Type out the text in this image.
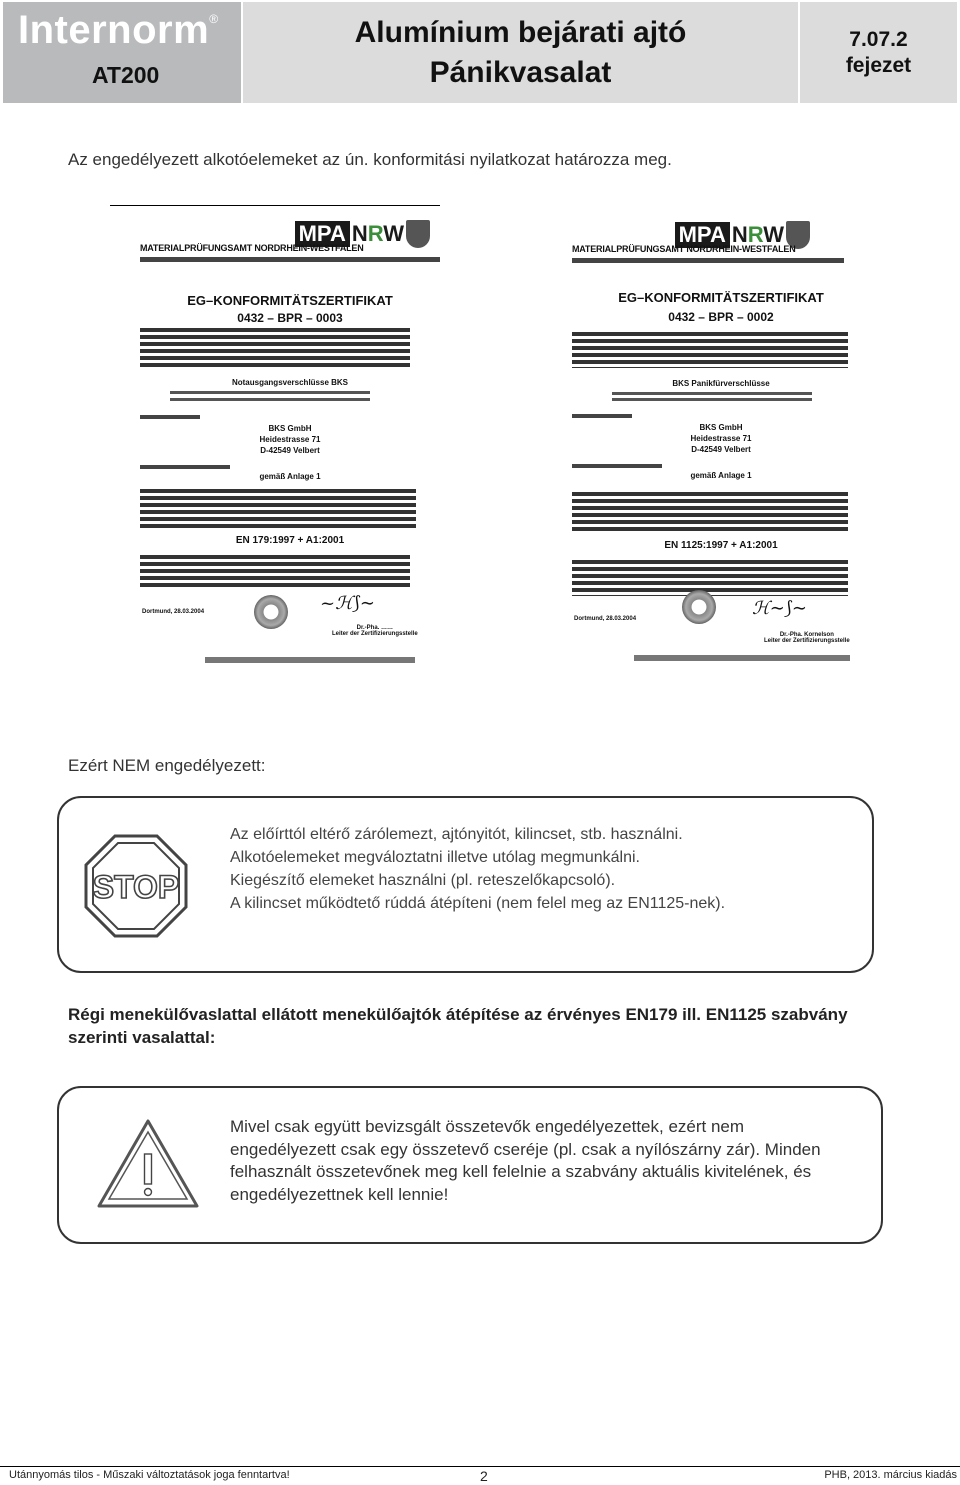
Internorm®
AT200
Alumínium bejárati ajtó
Pánikvasalat
7.07.2
fejezet
Az engedélyezett alkotóelemeket az ún. konformitási nyilatkozat határozza meg.
MPA NRW
MATERIALPRÜFUNGSAMT NORDRHEIN-WESTFALEN
EG–KONFORMITÄTSZERTIFIKAT
0432 – BPR – 0003
Notausgangsverschlüsse BKS
BKS GmbH
Heidestrasse 71
D-42549 Velbert
gemäß Anlage 1
EN 179:1997 + A1:2001
Dortmund, 28.03.2004	~ℋ⟆∼
Dr.-Pha. ……
Leiter der Zertifizierungsstelle
MPA NRW
MATERIALPRÜFUNGSAMT NORDRHEIN-WESTFALEN
EG–KONFORMITÄTSZERTIFIKAT
0432 – BPR – 0002
BKS Panikfürverschlüsse
BKS GmbH
Heidestrasse 71
D-42549 Velbert
gemäß Anlage 1
EN 1125:1997 + A1:2001
Dortmund, 28.03.2004	ℋ∼⟆∼
Dr.-Pha. Kornelson
Leiter der Zertifizierungsstelle
Ezért NEM engedélyezett:
Az előírttól eltérő zárólemezt, ajtónyitót, kilincset, stb. használni.
Alkotóelemeket megváloztatni illetve utólag megmunkálni.
Kiegészítő elemeket használni (pl. reteszelőkapcsoló).
A kilincset működtető rúddá átépíteni (nem felel meg az EN1125-nek).
STOP
Régi menekülővaslattal ellátott menekülőajtók átépítése az érvényes EN179 ill. EN1125 szabvány szerinti vasalattal:
Mivel csak együtt bevizsgált összetevők engedélyezettek, ezért nem engedélyezett csak egy összetevő cseréje (pl. csak a nyílószárny zár). Minden felhasznált összetevőnek meg kell felelnie a szabvány aktuális kivitelének, és engedélyezettnek kell lennie!
Utánnyomás tilos - Műszaki változtatások joga fenntartva!	2	PHB, 2013. március kiadás
